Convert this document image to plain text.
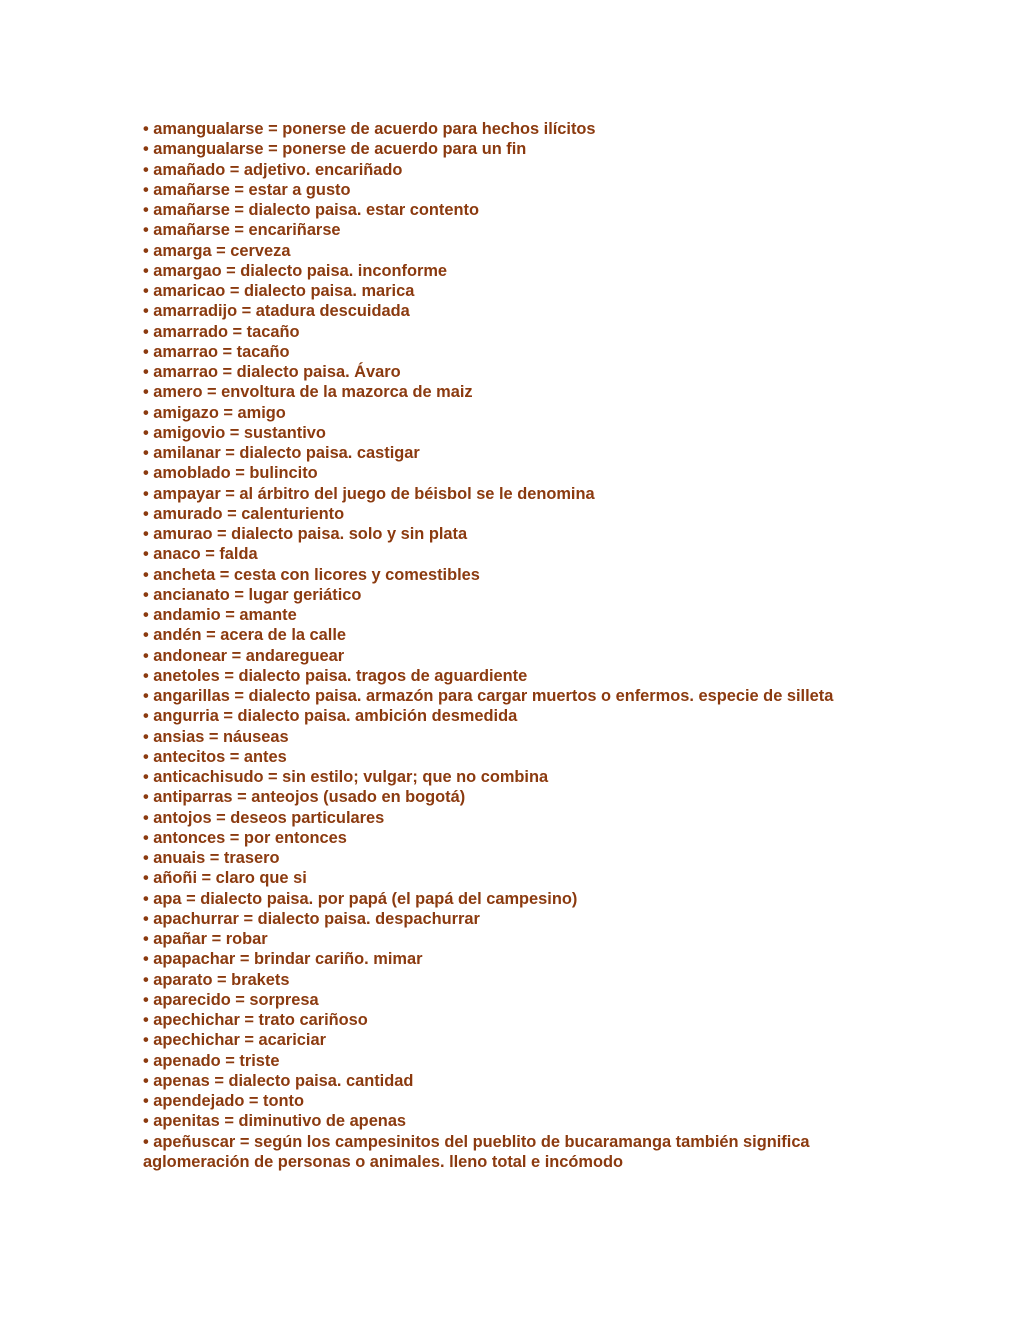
• amangualarse = ponerse de acuerdo para hechos ilícitos
• amangualarse = ponerse de acuerdo para un fin
• amañado = adjetivo. encariñado
• amañarse = estar a gusto
• amañarse = dialecto paisa. estar contento
• amañarse = encariñarse
• amarga = cerveza
• amargao = dialecto paisa. inconforme
• amaricao = dialecto paisa. marica
• amarradijo = atadura descuidada
• amarrado = tacaño
• amarrao = tacaño
• amarrao = dialecto paisa. Ávaro
• amero = envoltura de la mazorca de maiz
• amigazo = amigo
• amigovio = sustantivo
• amilanar = dialecto paisa. castigar
• amoblado = bulincito
• ampayar = al árbitro del juego de béisbol se le denomina
• amurado = calenturiento
• amurao = dialecto paisa. solo y sin plata
• anaco = falda
• ancheta = cesta con licores y comestibles
• ancianato = lugar geriático
• andamio = amante
• andén = acera de la calle
• andonear = andareguear
• anetoles = dialecto paisa. tragos de aguardiente
• angarillas = dialecto paisa. armazón para cargar muertos o enfermos. especie de silleta
• angurria = dialecto paisa. ambición desmedida
• ansias = náuseas
• antecitos = antes
• anticachisudo = sin estilo; vulgar; que no combina
• antiparras = anteojos (usado en bogotá)
• antojos = deseos particulares
• antonces = por entonces
• anuais = trasero
• añoñi = claro que si
• apa = dialecto paisa. por papá (el papá del campesino)
• apachurrar = dialecto paisa. despachurrar
• apañar = robar
• apapachar = brindar cariño. mimar
• aparato = brakets
• aparecido = sorpresa
• apechichar = trato cariñoso
• apechichar = acariciar
• apenado = triste
• apenas = dialecto paisa. cantidad
• apendejado = tonto
• apenitas = diminutivo de apenas
• apeñuscar = según los campesinitos del pueblito de bucaramanga también significa aglomeración de personas o animales. lleno total e incómodo
